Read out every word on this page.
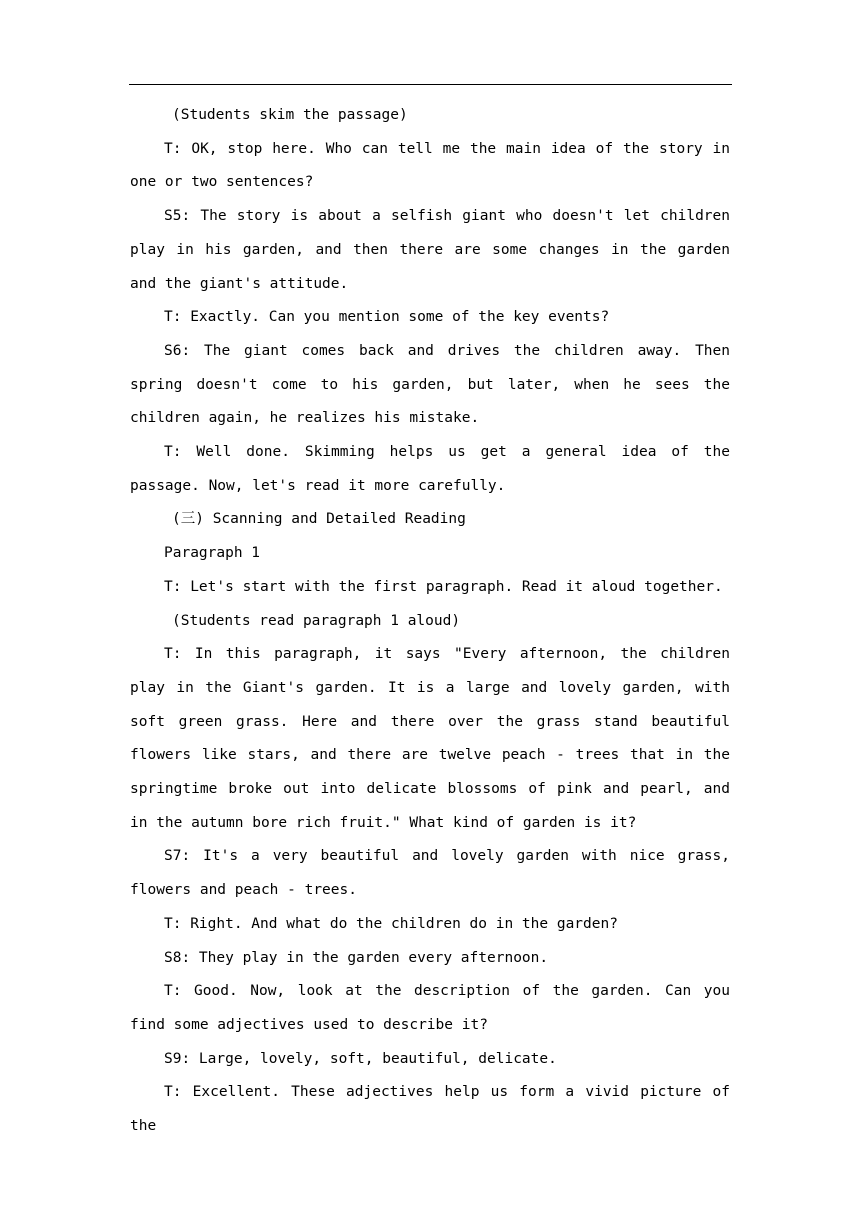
(Students skim the passage)

T: OK, stop here. Who can tell me the main idea of the story in one or two sentences?

S5: The story is about a selfish giant who doesn't let children play in his garden, and then there are some changes in the garden and the giant's attitude.

T: Exactly. Can you mention some of the key events?

S6: The giant comes back and drives the children away. Then spring doesn't come to his garden, but later, when he sees the children again, he realizes his mistake.

T: Well done. Skimming helps us get a general idea of the passage. Now, let's read it more carefully.

(三) Scanning and Detailed Reading

Paragraph 1

T: Let's start with the first paragraph. Read it aloud together.

(Students read paragraph 1 aloud)

T: In this paragraph, it says "Every afternoon, the children play in the Giant's garden. It is a large and lovely garden, with soft green grass. Here and there over the grass stand beautiful flowers like stars, and there are twelve peach - trees that in the springtime broke out into delicate blossoms of pink and pearl, and in the autumn bore rich fruit." What kind of garden is it?

S7: It's a very beautiful and lovely garden with nice grass, flowers and peach - trees.

T: Right. And what do the children do in the garden?

S8: They play in the garden every afternoon.

T: Good. Now, look at the description of the garden. Can you find some adjectives used to describe it?

S9: Large, lovely, soft, beautiful, delicate.

T: Excellent. These adjectives help us form a vivid picture of the
